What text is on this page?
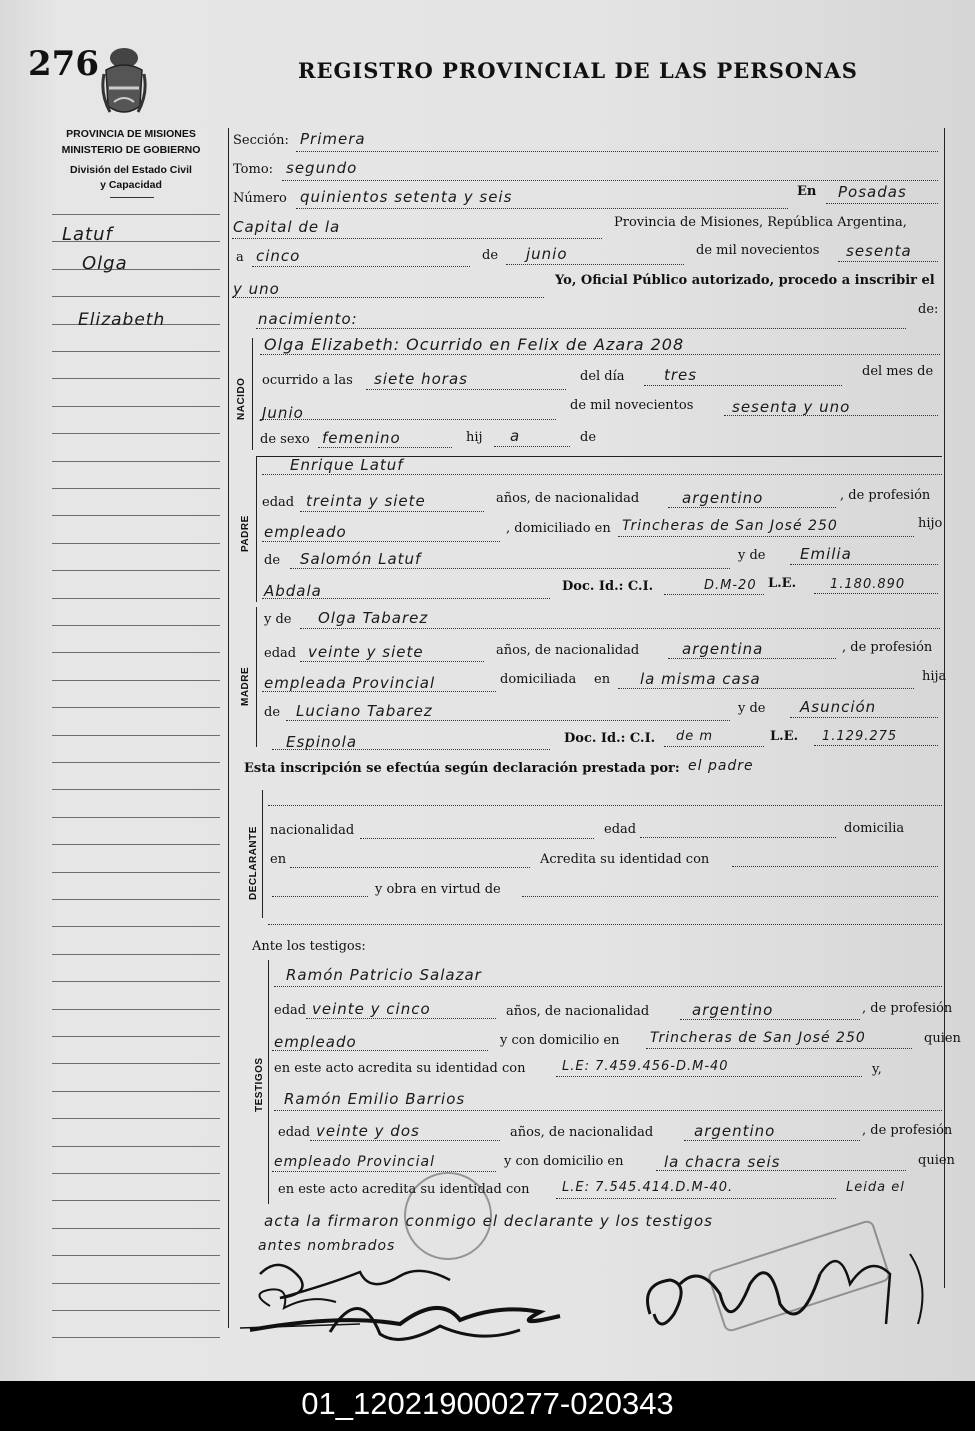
276	REGISTRO PROVINCIAL DE LAS PERSONAS
PROVINCIA DE MISIONES
MINISTERIO DE GOBIERNO
División del Estado Civil
y Capacidad
Latuf
Olga
Elizabeth
Sección: Primera
Tomo: segundo
Número quinientos setenta y seis	En Posadas
Capital de la	Provincia de Misiones, República Argentina,
a cinco	de junio	de mil novecientos sesenta
y uno	Yo, Oficial Público autorizado, procedo a inscribir el
nacimiento:
de:
NACIDO
Olga Elizabeth: Ocurrido en Felix de Azara 208
ocurrido a las siete horas	del día	tres	del mes de
Junio	de mil novecientos	sesenta y uno
de sexo femenino	hij a	de
PADRE
Enrique Latuf
edad treinta y siete	años, de nacionalidad	argentino	, de profesión
empleado	, domiciliado en Trincheras de San José 250	hijo
de Salomón Latuf	y de Emilia
Abdala	Doc. Id.: C.I.	D.M-20 L.E.	1.180.890
MADRE
y de Olga Tabarez
edad veinte y siete	años, de nacionalidad	argentina	, de profesión
empleada Provincial	domiciliada en la misma casa	hija
de Luciano Tabarez	y de Asunción
Espinola	Doc. Id.: C.I. de m	L.E. 1.129.275
Esta inscripción se efectúa según declaración prestada por: el padre
DECLARANTE nacionalidad	edad	domicilia
en	Acredita su identidad con
y obra en virtud de
Ante los testigos:
TESTIGOS
Ramón Patricio Salazar
edad veinte y cinco	años, de nacionalidad	argentino	, de profesión
empleado	y con domicilio en Trincheras de San José 250	quien
en este acto acredita su identidad con	L.E: 7.459.456-D.M-40	y,
Ramón Emilio Barrios
edad veinte y dos	años, de nacionalidad	argentino	, de profesión
empleado Provincial	y con domicilio en	la chacra seis	quien
en este acto acredita su identidad con	L.E: 7.545.414.D.M-40.	Leida el
acta la firmaron conmigo el declarante y los testigos
antes nombrados
01_120219000277-020343
